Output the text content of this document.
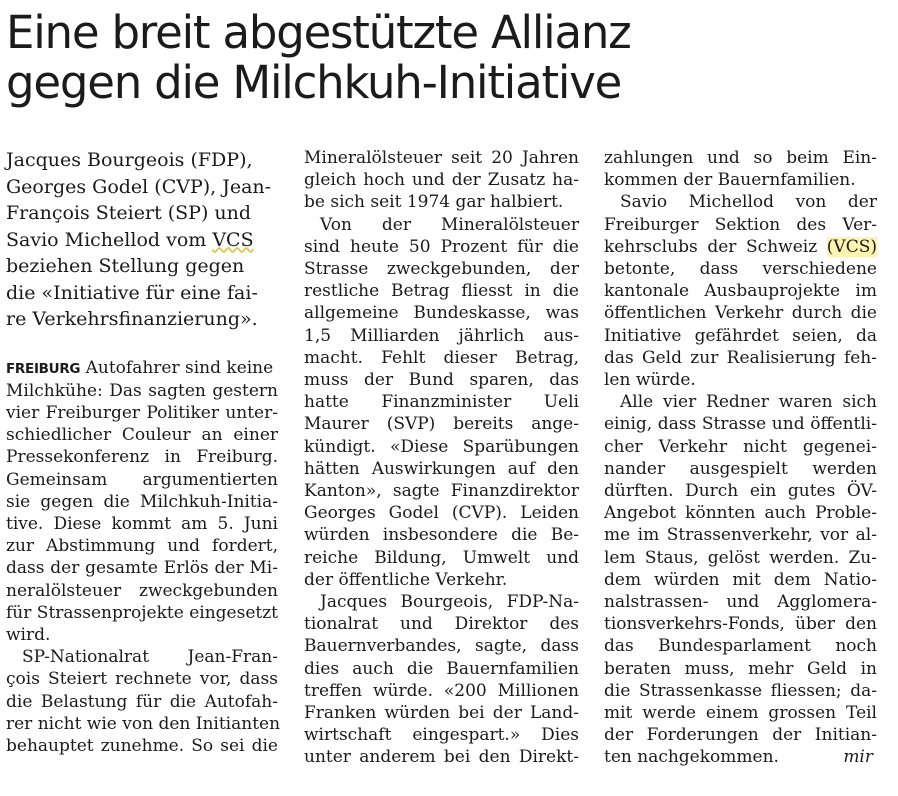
Eine breit abgestützte Allianz
gegen die Milchkuh-Initiative
Jacques Bourgeois (FDP),
Georges Godel (CVP), Jean-
François Steiert (SP) und
Savio Michellod vom VCS
beziehen Stellung gegen
die «Initiative für eine fai-
re Verkehrsfinanzierung».
FREIBURG Autofahrer sind keine
Milchkühe: Das sagten gestern
vier Freiburger Politiker unter-
schiedlicher Couleur an einer
Pressekonferenz in Freiburg.
Gemeinsam argumentierten
sie gegen die Milchkuh-Initia-
tive. Diese kommt am 5. Juni
zur Abstimmung und fordert,
dass der gesamte Erlös der Mi-
neralölsteuer zweckgebunden
für Strassenprojekte eingesetzt
wird.
SP-Nationalrat Jean-Fran-
çois Steiert rechnete vor, dass
die Belastung für die Autofah-
rer nicht wie von den Initianten
behauptet zunehme. So sei die
Mineralölsteuer seit 20 Jahren
gleich hoch und der Zusatz ha-
be sich seit 1974 gar halbiert.
Von der Mineralölsteuer
sind heute 50 Prozent für die
Strasse zweckgebunden, der
restliche Betrag fliesst in die
allgemeine Bundeskasse, was
1,5 Milliarden jährlich aus-
macht. Fehlt dieser Betrag,
muss der Bund sparen, das
hatte Finanzminister Ueli
Maurer (SVP) bereits ange-
kündigt. «Diese Sparübungen
hätten Auswirkungen auf den
Kanton», sagte Finanzdirektor
Georges Godel (CVP). Leiden
würden insbesondere die Be-
reiche Bildung, Umwelt und
der öffentliche Verkehr.
Jacques Bourgeois, FDP-Na-
tionalrat und Direktor des
Bauernverbandes, sagte, dass
dies auch die Bauernfamilien
treffen würde. «200 Millionen
Franken würden bei der Land-
wirtschaft eingespart.» Dies
unter anderem bei den Direkt-
zahlungen und so beim Ein-
kommen der Bauernfamilien.
Savio Michellod von der
Freiburger Sektion des Ver-
kehrsclubs der Schweiz (VCS)
betonte, dass verschiedene
kantonale Ausbauprojekte im
öffentlichen Verkehr durch die
Initiative gefährdet seien, da
das Geld zur Realisierung feh-
len würde.
Alle vier Redner waren sich
einig, dass Strasse und öffentli-
cher Verkehr nicht gegenei-
nander ausgespielt werden
dürften. Durch ein gutes ÖV-
Angebot könnten auch Proble-
me im Strassenverkehr, vor al-
lem Staus, gelöst werden. Zu-
dem würden mit dem Natio-
nalstrassen- und Agglomera-
tionsverkehrs-Fonds, über den
das Bundesparlament noch
beraten muss, mehr Geld in
die Strassenkasse fliessen; da-
mit werde einem grossen Teil
der Forderungen der Initian-
ten nachgekommen.	mir
